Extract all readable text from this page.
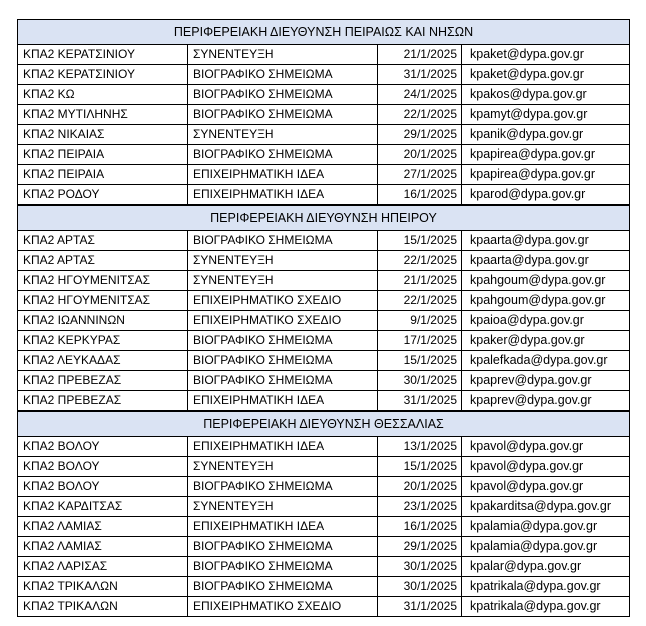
ΠΕΡΙΦΕΡΕΙΑΚΗ ΔΙΕΥΘΥΝΣΗ ΠΕΙΡΑΙΩΣ ΚΑΙ ΝΗΣΩΝ			
ΚΠΑ2 ΚΕΡΑΤΣΙΝΙΟΥ	ΣΥΝΕΝΤΕΥΞΗ	21/1/2025	kpaket@dypa.gov.gr
ΚΠΑ2 ΚΕΡΑΤΣΙΝΙΟΥ	ΒΙΟΓΡΑΦΙΚΟ ΣΗΜΕΙΩΜΑ	31/1/2025	kpaket@dypa.gov.gr
ΚΠΑ2 ΚΩ	ΒΙΟΓΡΑΦΙΚΟ ΣΗΜΕΙΩΜΑ	24/1/2025	kpakos@dypa.gov.gr
ΚΠΑ2 ΜΥΤΙΛΗΝΗΣ	ΒΙΟΓΡΑΦΙΚΟ ΣΗΜΕΙΩΜΑ	22/1/2025	kpamyt@dypa.gov.gr
ΚΠΑ2 ΝΙΚΑΙΑΣ	ΣΥΝΕΝΤΕΥΞΗ	29/1/2025	kpanik@dypa.gov.gr
ΚΠΑ2 ΠΕΙΡΑΙΑ	ΒΙΟΓΡΑΦΙΚΟ ΣΗΜΕΙΩΜΑ	20/1/2025	kpapirea@dypa.gov.gr
ΚΠΑ2 ΠΕΙΡΑΙΑ	ΕΠΙΧΕΙΡΗΜΑΤΙΚΗ ΙΔΕΑ	27/1/2025	kpapirea@dypa.gov.gr
ΚΠΑ2 ΡΟΔΟΥ	ΕΠΙΧΕΙΡΗΜΑΤΙΚΗ ΙΔΕΑ	16/1/2025	kparod@dypa.gov.gr
ΠΕΡΙΦΕΡΕΙΑΚΗ ΔΙΕΥΘΥΝΣΗ ΗΠΕΙΡΟΥ			
ΚΠΑ2 ΑΡΤΑΣ	ΒΙΟΓΡΑΦΙΚΟ ΣΗΜΕΙΩΜΑ	15/1/2025	kpaarta@dypa.gov.gr
ΚΠΑ2 ΑΡΤΑΣ	ΣΥΝΕΝΤΕΥΞΗ	22/1/2025	kpaarta@dypa.gov.gr
ΚΠΑ2 ΗΓΟΥΜΕΝΙΤΣΑΣ	ΣΥΝΕΝΤΕΥΞΗ	21/1/2025	kpahgoum@dypa.gov.gr
ΚΠΑ2 ΗΓΟΥΜΕΝΙΤΣΑΣ	ΕΠΙΧΕΙΡΗΜΑΤΙΚΟ ΣΧΕΔΙΟ	22/1/2025	kpahgoum@dypa.gov.gr
ΚΠΑ2 ΙΩΑΝΝΙΝΩΝ	ΕΠΙΧΕΙΡΗΜΑΤΙΚΟ ΣΧΕΔΙΟ	9/1/2025	kpaioa@dypa.gov.gr
ΚΠΑ2 ΚΕΡΚΥΡΑΣ	ΒΙΟΓΡΑΦΙΚΟ ΣΗΜΕΙΩΜΑ	17/1/2025	kpaker@dypa.gov.gr
ΚΠΑ2 ΛΕΥΚΑΔΑΣ	ΒΙΟΓΡΑΦΙΚΟ ΣΗΜΕΙΩΜΑ	15/1/2025	kpalefkada@dypa.gov.gr
ΚΠΑ2 ΠΡΕΒΕΖΑΣ	ΒΙΟΓΡΑΦΙΚΟ ΣΗΜΕΙΩΜΑ	30/1/2025	kpaprev@dypa.gov.gr
ΚΠΑ2 ΠΡΕΒΕΖΑΣ	ΕΠΙΧΕΙΡΗΜΑΤΙΚΗ ΙΔΕΑ	31/1/2025	kpaprev@dypa.gov.gr
ΠΕΡΙΦΕΡΕΙΑΚΗ ΔΙΕΥΘΥΝΣΗ ΘΕΣΣΑΛΙΑΣ			
ΚΠΑ2 ΒΟΛΟΥ	ΕΠΙΧΕΙΡΗΜΑΤΙΚΗ ΙΔΕΑ	13/1/2025	kpavol@dypa.gov.gr
ΚΠΑ2 ΒΟΛΟΥ	ΣΥΝΕΝΤΕΥΞΗ	15/1/2025	kpavol@dypa.gov.gr
ΚΠΑ2 ΒΟΛΟΥ	ΒΙΟΓΡΑΦΙΚΟ ΣΗΜΕΙΩΜΑ	20/1/2025	kpavol@dypa.gov.gr
ΚΠΑ2 ΚΑΡΔΙΤΣΑΣ	ΣΥΝΕΝΤΕΥΞΗ	23/1/2025	kpakarditsa@dypa.gov.gr
ΚΠΑ2 ΛΑΜΙΑΣ	ΕΠΙΧΕΙΡΗΜΑΤΙΚΗ ΙΔΕΑ	16/1/2025	kpalamia@dypa.gov.gr
ΚΠΑ2 ΛΑΜΙΑΣ	ΒΙΟΓΡΑΦΙΚΟ ΣΗΜΕΙΩΜΑ	29/1/2025	kpalamia@dypa.gov.gr
ΚΠΑ2 ΛΑΡΙΣΑΣ	ΒΙΟΓΡΑΦΙΚΟ ΣΗΜΕΙΩΜΑ	30/1/2025	kpalar@dypa.gov.gr
ΚΠΑ2 ΤΡΙΚΑΛΩΝ	ΒΙΟΓΡΑΦΙΚΟ ΣΗΜΕΙΩΜΑ	30/1/2025	kpatrikala@dypa.gov.gr
ΚΠΑ2 ΤΡΙΚΑΛΩΝ	ΕΠΙΧΕΙΡΗΜΑΤΙΚΟ ΣΧΕΔΙΟ	31/1/2025	kpatrikala@dypa.gov.gr
